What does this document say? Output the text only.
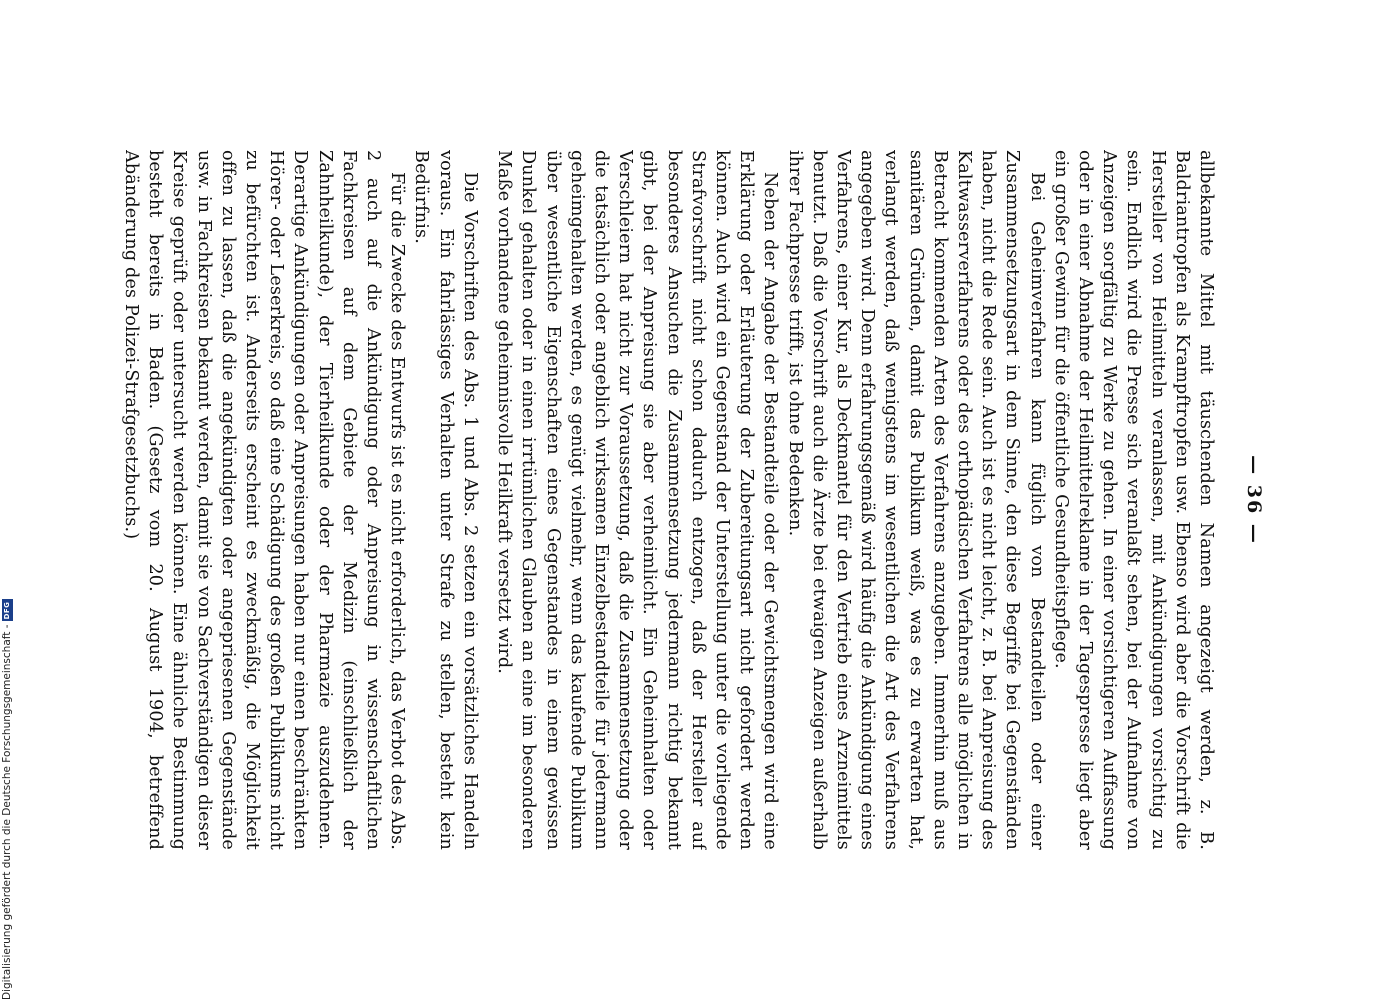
— 36 —

allbekannte Mittel mit täuschenden Namen angezeigt werden, z. B. Baldriantropfen als Krampftropfen usw. Ebenso wird aber die Vorschrift die Hersteller von Heilmitteln veranlassen, mit Ankündigungen vorsichtig zu sein. Endlich wird die Presse sich veranlaßt sehen, bei der Aufnahme von Anzeigen sorgfältig zu Werke zu gehen. In einer vorsichtigeren Auffassung oder in einer Abnahme der Heilmittelreklame in der Tagespresse liegt aber ein großer Gewinn für die öffentliche Gesundheitspflege.

Bei Geheimverfahren kann füglich von Bestandteilen oder einer Zusammensetzungsart in dem Sinne, den diese Begriffe bei Gegenständen haben, nicht die Rede sein. Auch ist es nicht leicht, z. B. bei Anpreisung des Kaltwasserverfahrens oder des orthopädischen Verfahrens alle möglichen in Betracht kommenden Arten des Verfahrens anzugeben. Immerhin muß aus sanitären Gründen, damit das Publikum weiß, was es zu erwarten hat, verlangt werden, daß wenigstens im wesentlichen die Art des Verfahrens angegeben wird. Denn erfahrungsgemäß wird häufig die Ankündigung eines Verfahrens, einer Kur, als Deckmantel für den Vertrieb eines Arzneimittels benutzt. Daß die Vorschrift auch die Ärzte bei etwaigen Anzeigen außerhalb ihrer Fachpresse trifft, ist ohne Bedenken.

Neben der Angabe der Bestandteile oder der Gewichtsmengen wird eine Erklärung oder Erläuterung der Zubereitungsart nicht gefordert werden können. Auch wird ein Gegenstand der Unterstellung unter die vorliegende Strafvorschrift nicht schon dadurch entzogen, daß der Hersteller auf besonderes Ansuchen die Zusammensetzung jedermann richtig bekannt gibt, bei der Anpreisung sie aber verheimlicht. Ein Geheimhalten oder Verschleiern hat nicht zur Voraussetzung, daß die Zusammensetzung oder die tatsächlich oder angeblich wirksamen Einzelbestandteile für jedermann geheimgehalten werden, es genügt vielmehr, wenn das kaufende Publikum über wesentliche Eigenschaften eines Gegenstandes in einem gewissen Dunkel gehalten oder in einen irrtümlichen Glauben an eine im besonderen Maße vorhandene geheimnisvolle Heilkraft versetzt wird.

Die Vorschriften des Abs. 1 und Abs. 2 setzen ein vorsätzliches Handeln voraus. Ein fahrlässiges Verhalten unter Strafe zu stellen, besteht kein Bedürfnis.

Für die Zwecke des Entwurfs ist es nicht erforderlich, das Verbot des Abs. 2 auch auf die Ankündigung oder Anpreisung in wissenschaftlichen Fachkreisen auf dem Gebiete der Medizin (einschließlich der Zahnheilkunde), der Tierheilkunde oder der Pharmazie auszudehnen. Derartige Ankündigungen oder Anpreisungen haben nur einen beschränkten Hörer- oder Leserkreis, so daß eine Schädigung des großen Publikums nicht zu befürchten ist. Anderseits erscheint es zweckmäßig, die Möglichkeit offen zu lassen, daß die angekündigten oder angepriesenen Gegenstände usw. in Fachkreisen bekannt werden, damit sie von Sachverständigen dieser Kreise geprüft oder untersucht werden können. Eine ähnliche Bestimmung besteht bereits in Baden. (Gesetz vom 20. August 1904, betreffend Abänderung des Polizei-Strafgesetzbuchs.)

Digitalisierung gefördert durch die Deutsche Forschungsgemeinschaft -
DFG
